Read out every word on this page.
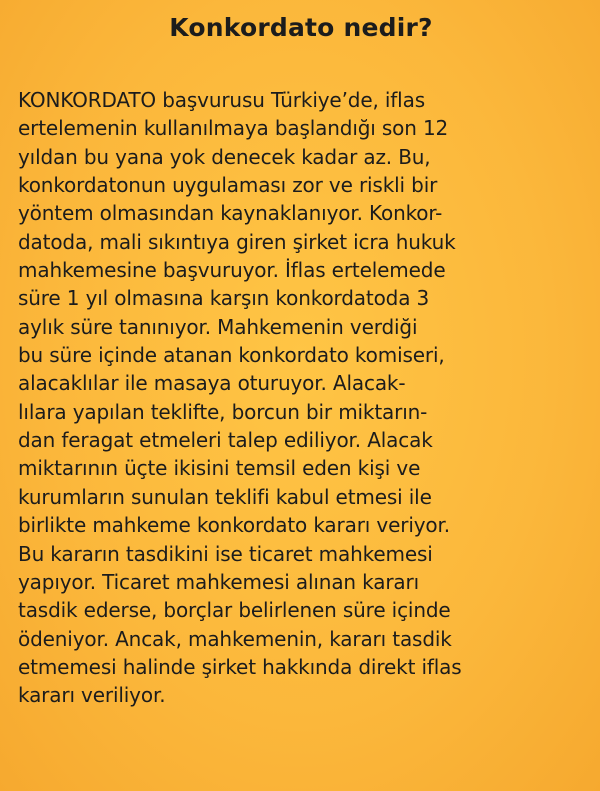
Konkordato nedir?
KONKORDATO başvurusu Türkiye’de, iflas
ertelemenin kullanılmaya başlandığı son 12
yıldan bu yana yok denecek kadar az. Bu,
konkordatonun uygulaması zor ve riskli bir
yöntem olmasından kaynaklanıyor. Konkor-
datoda, mali sıkıntıya giren şirket icra hukuk
mahkemesine başvuruyor. İflas ertelemede
süre 1 yıl olmasına karşın konkordatoda 3
aylık süre tanınıyor. Mahkemenin verdiği
bu süre içinde atanan konkordato komiseri,
alacaklılar ile masaya oturuyor. Alacak-
lılara yapılan teklifte, borcun bir miktarın-
dan feragat etmeleri talep ediliyor. Alacak
miktarının üçte ikisini temsil eden kişi ve
kurumların sunulan teklifi kabul etmesi ile
birlikte mahkeme konkordato kararı veriyor.
Bu kararın tasdikini ise ticaret mahkemesi
yapıyor. Ticaret mahkemesi alınan kararı
tasdik ederse, borçlar belirlenen süre içinde
ödeniyor. Ancak, mahkemenin, kararı tasdik
etmemesi halinde şirket hakkında direkt iflas
kararı veriliyor.
